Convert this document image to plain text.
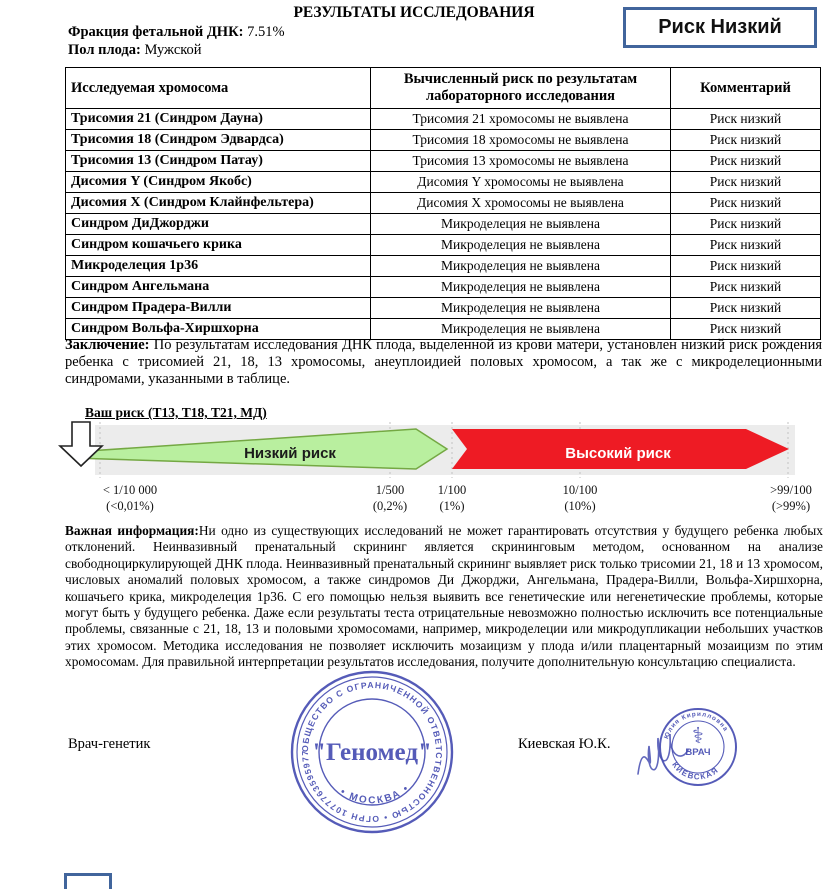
РЕЗУЛЬТАТЫ ИССЛЕДОВАНИЯ
Фракция фетальной ДНК: 7.51%
Пол плода: Мужской
Риск Низкий
Исследуемая хромосома	Вычисленный риск по результатам лабораторного исследования	Комментарий
Трисомия 21 (Синдром Дауна)	Трисомия 21 хромосомы не выявлена	Риск низкий
Трисомия 18 (Синдром Эдвардса)	Трисомия 18 хромосомы не выявлена	Риск низкий
Трисомия 13 (Синдром Патау)	Трисомия 13 хромосомы не выявлена	Риск низкий
Дисомия Y (Синдром Якобс)	Дисомия Y хромосомы не выявлена	Риск низкий
Дисомия X (Синдром Клайнфельтера)	Дисомия X хромосомы не выявлена	Риск низкий
Синдром ДиДжорджи	Микроделеция не выявлена	Риск низкий
Синдром кошачьего крика	Микроделеция не выявлена	Риск низкий
Микроделеция 1p36	Микроделеция не выявлена	Риск низкий
Синдром Ангельмана	Микроделеция не выявлена	Риск низкий
Синдром Прадера-Вилли	Микроделеция не выявлена	Риск низкий
Синдром Вольфа-Хиршхорна	Микроделеция не выявлена	Риск низкий
Заключение: По результатам исследования ДНК плода, выделенной из крови матери, установлен низкий риск рождения ребенка с трисомией 21, 18, 13 хромосомы, анеуплоидией половых хромосом, а так же с микроделеционными синдромами, указанными в таблице.
Ваш риск (Т13, Т18, Т21, МД)
Низкий риск	Высокий риск
< 1/10 000
(<0,01%)
1/500
(0,2%)
1/100
(1%)
10/100
(10%)
>99/100
(>99%)
Важная информация:Ни одно из существующих исследований не может гарантировать отсутствия у будущего ребенка любых отклонений. Неинвазивный пренатальный скрининг является скрининговым методом, основанном на анализе свободноциркулирующей ДНК плода. Неинвазивный пренатальный скрининг выявляет риск только трисомии 21, 18 и 13 хромосом, числовых аномалий половых хромосом, а также синдромов Ди Джорджи, Ангельмана, Прадера-Вилли, Вольфа-Хиршхорна, кошачьего крика, микроделеция 1p36. С его помощью нельзя выявить все генетические или негенетические проблемы, которые могут быть у будущего ребенка. Даже если результаты теста отрицательные невозможно полностью исключить все потенциальные проблемы, связанные с 21, 18, 13 и половыми хромосомами, например, микроделеции или микродупликации небольших участков этих хромосом. Методика исследования не позволяет исключить мозаицизм у плода и/или плацентарный мозаицизм по этим хромосомам. Для правильной интерпретации результатов исследования, получите дополнительную консультацию специалиста.
Врач-генетик	Киевская Ю.К.
ОБЩЕСТВО С ОГРАНИЧЕННОЙ ОТВЕТСТВЕННОСТЬЮ • ОГРН 1077763595977 "Геномед"
• МОСКВА •
Юлия Кирилловна
⚕
ВРАЧ
КИЕВСКАЯ
